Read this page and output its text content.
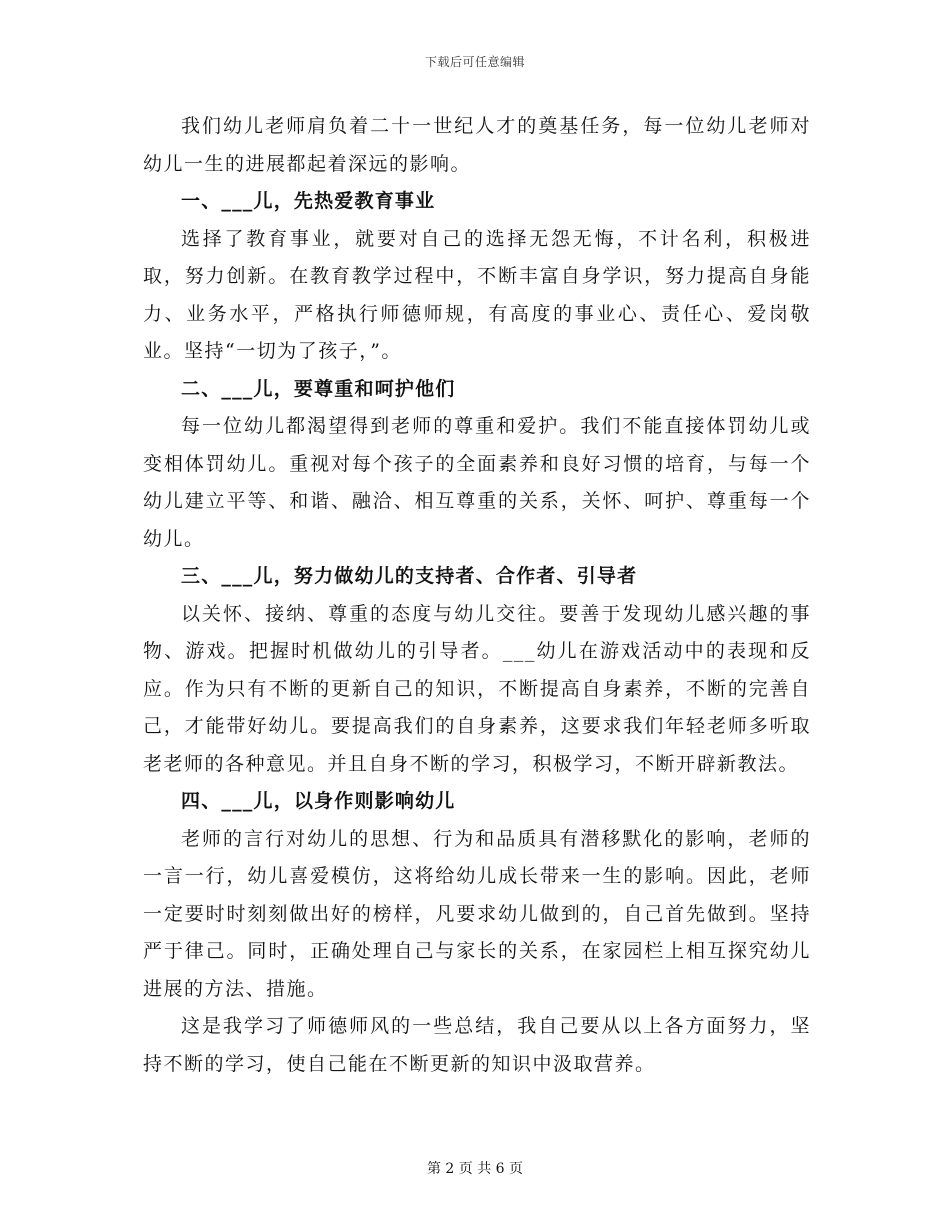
下载后可任意编辑

我们幼儿老师肩负着二十一世纪人才的奠基任务，每一位幼儿老师对幼儿一生的进展都起着深远的影响。

一、___儿，先热爱教育事业

选择了教育事业，就要对自己的选择无怨无悔，不计名利，积极进取，努力创新。在教育教学过程中，不断丰富自身学识，努力提高自身能力、业务水平，严格执行师德师规，有高度的事业心、责任心、爱岗敬业。坚持“一切为了孩子，”。

二、___儿，要尊重和呵护他们

每一位幼儿都渴望得到老师的尊重和爱护。我们不能直接体罚幼儿或变相体罚幼儿。重视对每个孩子的全面素养和良好习惯的培育，与每一个幼儿建立平等、和谐、融洽、相互尊重的关系，关怀、呵护、尊重每一个幼儿。

三、___儿，努力做幼儿的支持者、合作者、引导者

以关怀、接纳、尊重的态度与幼儿交往。要善于发现幼儿感兴趣的事物、游戏。把握时机做幼儿的引导者。___幼儿在游戏活动中的表现和反应。作为只有不断的更新自己的知识，不断提高自身素养，不断的完善自己，才能带好幼儿。要提高我们的自身素养，这要求我们年轻老师多听取老老师的各种意见。并且自身不断的学习，积极学习，不断开辟新教法。

四、___儿，以身作则影响幼儿

老师的言行对幼儿的思想、行为和品质具有潜移默化的影响，老师的一言一行，幼儿喜爱模仿，这将给幼儿成长带来一生的影响。因此，老师一定要时时刻刻做出好的榜样，凡要求幼儿做到的，自己首先做到。坚持严于律己。同时，正确处理自己与家长的关系，在家园栏上相互探究幼儿进展的方法、措施。

这是我学习了师德师风的一些总结，我自己要从以上各方面努力，坚持不断的学习，使自己能在不断更新的知识中汲取营养。

第 2 页 共 6 页
